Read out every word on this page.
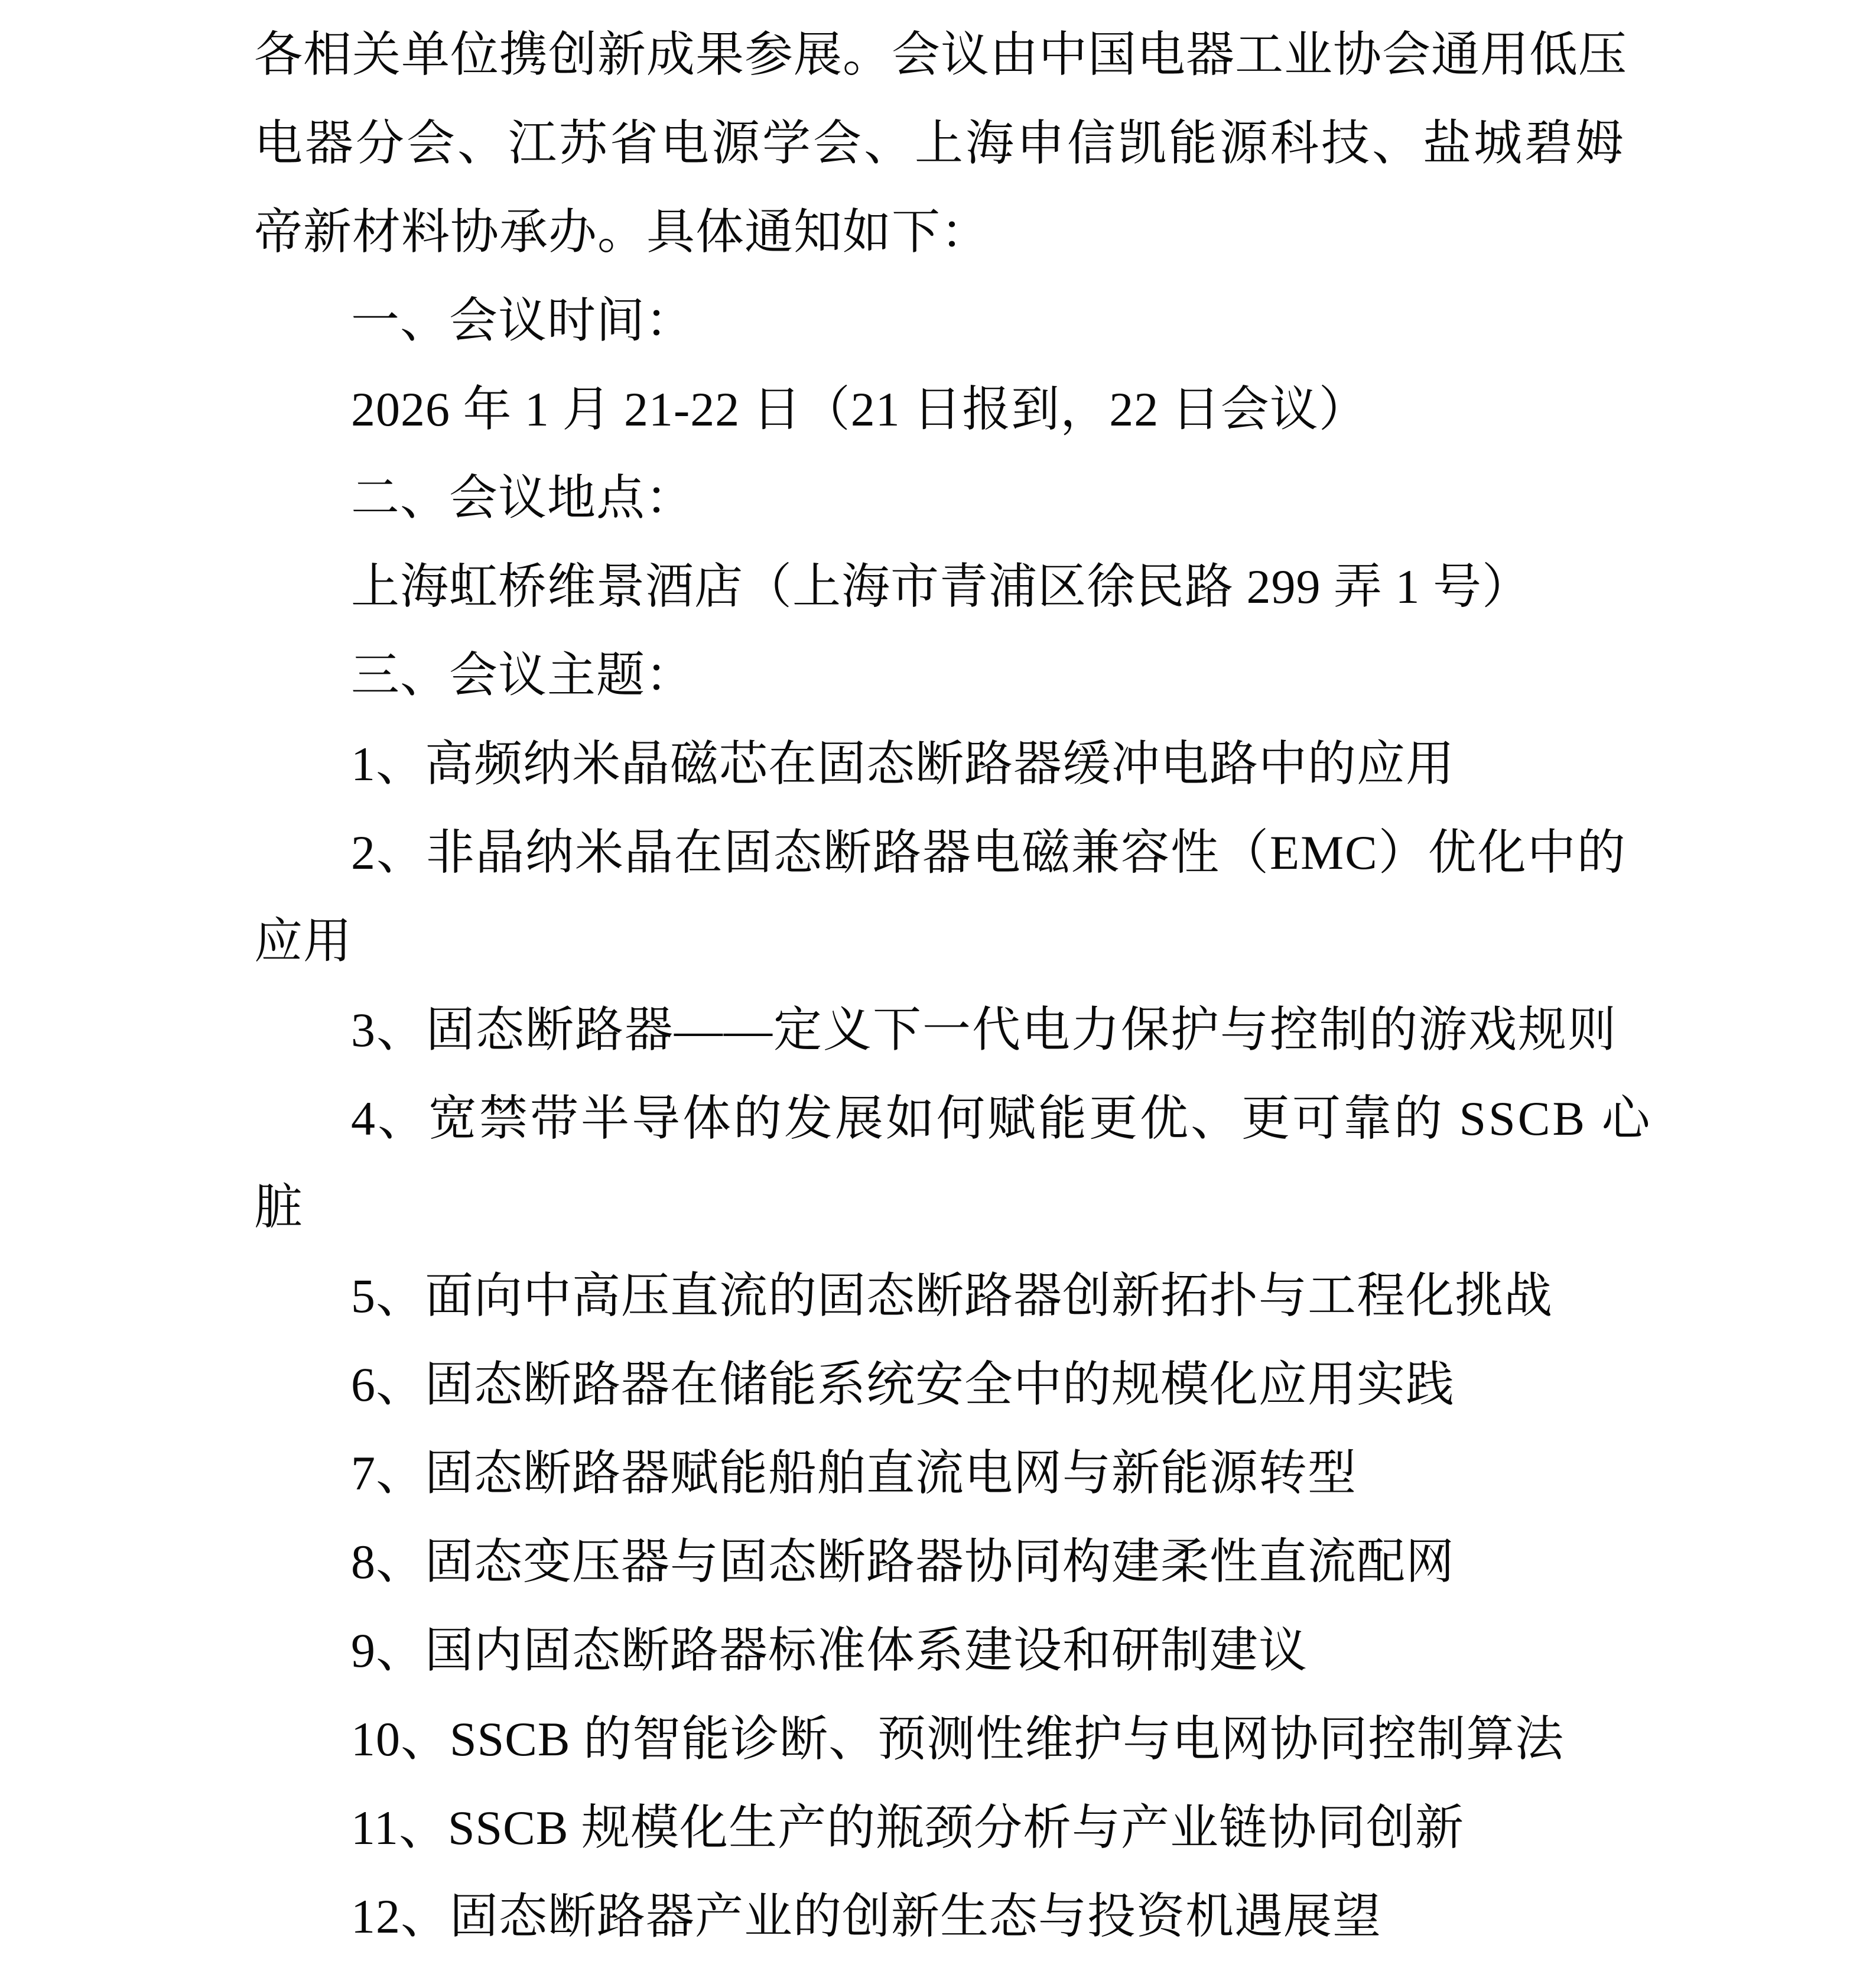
各相关单位携创新成果参展。会议由中国电器工业协会通用低压
电器分会、江苏省电源学会、上海申信凯能源科技、盐城碧姆
帝新材料协承办。具体通知如下：
一、会议时间：
2026 年 1 月 21-22 日（21 日报到，22 日会议）
二、会议地点：
上海虹桥维景酒店（上海市青浦区徐民路 299 弄 1 号）
三、会议主题：
1、高频纳米晶磁芯在固态断路器缓冲电路中的应用
2、非晶纳米晶在固态断路器电磁兼容性（EMC）优化中的
应用
3、固态断路器——定义下一代电力保护与控制的游戏规则
4、宽禁带半导体的发展如何赋能更优、更可靠的 SSCB 心
脏
5、面向中高压直流的固态断路器创新拓扑与工程化挑战
6、固态断路器在储能系统安全中的规模化应用实践
7、固态断路器赋能船舶直流电网与新能源转型
8、固态变压器与固态断路器协同构建柔性直流配网
9、国内固态断路器标准体系建设和研制建议
10、SSCB 的智能诊断、预测性维护与电网协同控制算法
11、SSCB 规模化生产的瓶颈分析与产业链协同创新
12、固态断路器产业的创新生态与投资机遇展望
